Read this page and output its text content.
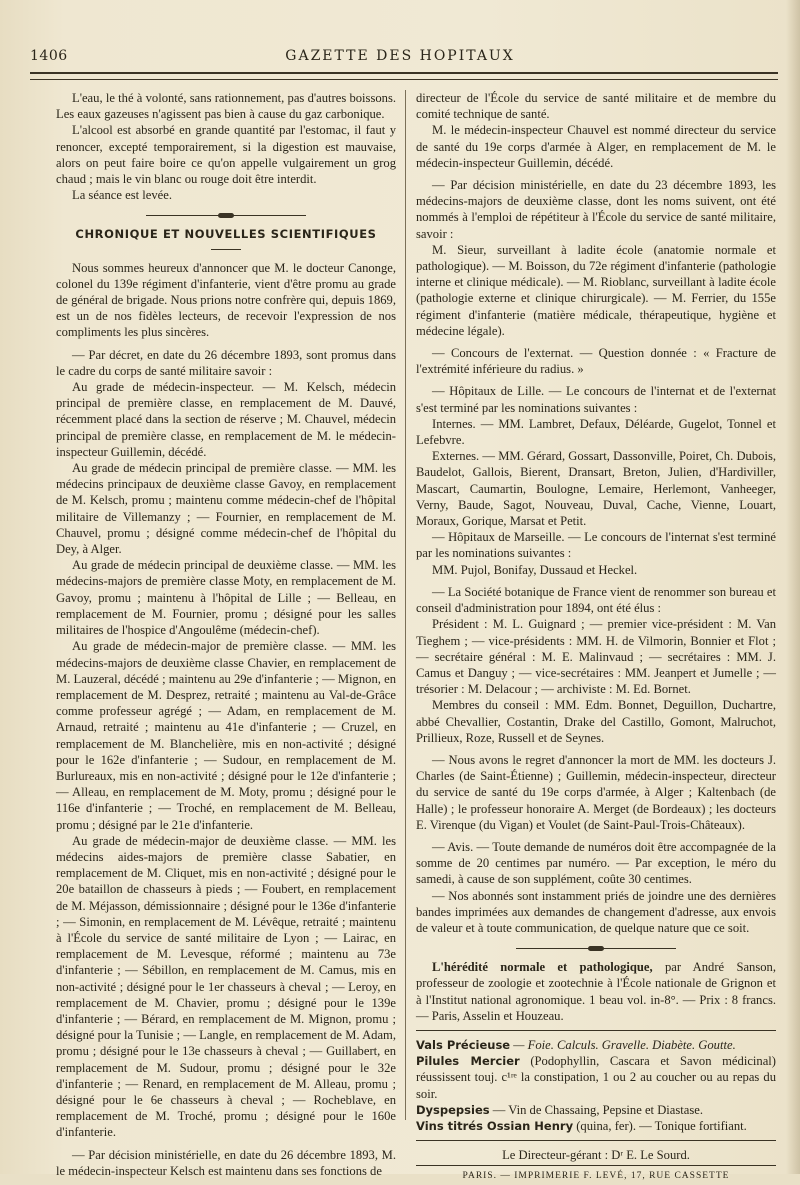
1406	GAZETTE DES HOPITAUX

L'eau, le thé à volonté, sans rationnement, pas d'autres boissons. Les eaux gazeuses n'agissent pas bien à cause du gaz carbonique.

L'alcool est absorbé en grande quantité par l'estomac, il faut y renoncer, excepté temporairement, si la digestion est mauvaise, alors on peut faire boire ce qu'on appelle vulgairement un grog chaud ; mais le vin blanc ou rouge doit être interdit.

La séance est levée.

CHRONIQUE ET NOUVELLES SCIENTIFIQUES

Nous sommes heureux d'annoncer que M. le docteur Canonge, colonel du 139e régiment d'infanterie, vient d'être promu au grade de général de brigade. Nous prions notre confrère qui, depuis 1869, est un de nos fidèles lecteurs, de recevoir l'expression de nos compliments les plus sincères.

— Par décret, en date du 26 décembre 1893, sont promus dans le cadre du corps de santé militaire savoir :

Au grade de médecin-inspecteur. — M. Kelsch, médecin principal de première classe, en remplacement de M. Dauvé, récemment placé dans la section de réserve ; M. Chauvel, médecin principal de première classe, en remplacement de M. le médecin-inspecteur Guillemin, décédé.

Au grade de médecin principal de première classe. — MM. les médecins principaux de deuxième classe Gavoy, en remplacement de M. Kelsch, promu ; maintenu comme médecin-chef de l'hôpital militaire de Villemanzy ; — Fournier, en remplacement de M. Chauvel, promu ; désigné comme médecin-chef de l'hôpital du Dey, à Alger.

Au grade de médecin principal de deuxième classe. — MM. les médecins-majors de première classe Moty, en remplacement de M. Gavoy, promu ; maintenu à l'hôpital de Lille ; — Belleau, en remplacement de M. Fournier, promu ; désigné pour les salles militaires de l'hospice d'Angoulême (médecin-chef).

Au grade de médecin-major de première classe. — MM. les médecins-majors de deuxième classe Chavier, en remplacement de M. Lauzeral, décédé ; maintenu au 29e d'infanterie ; — Mignon, en remplacement de M. Desprez, retraité ; maintenu au Val-de-Grâce comme professeur agrégé ; — Adam, en remplacement de M. Arnaud, retraité ; maintenu au 41e d'infanterie ; — Cruzel, en remplacement de M. Blanchelière, mis en non-activité ; désigné pour le 162e d'infanterie ; — Sudour, en remplacement de M. Burlureaux, mis en non-activité ; désigné pour le 12e d'infanterie ; — Alleau, en remplacement de M. Moty, promu ; désigné pour le 116e d'infanterie ; — Troché, en remplacement de M. Belleau, promu ; désigné par le 21e d'infanterie.

Au grade de médecin-major de deuxième classe. — MM. les médecins aides-majors de première classe Sabatier, en remplacement de M. Cliquet, mis en non-activité ; désigné pour le 20e bataillon de chasseurs à pieds ; — Foubert, en remplacement de M. Méjasson, démissionnaire ; désigné pour le 136e d'infanterie ; — Simonin, en remplacement de M. Lévêque, retraité ; maintenu à l'École du service de santé militaire de Lyon ; — Lairac, en remplacement de M. Levesque, réformé ; maintenu au 73e d'infanterie ; — Sébillon, en remplacement de M. Camus, mis en non-activité ; désigné pour le 1er chasseurs à cheval ; — Leroy, en remplacement de M. Chavier, promu ; désigné pour le 139e d'infanterie ; — Bérard, en remplacement de M. Mignon, promu ; désigné pour la Tunisie ; — Langle, en remplacement de M. Adam, promu ; désigné pour le 13e chasseurs à cheval ; — Guillabert, en remplacement de M. Sudour, promu ; désigné pour le 32e d'infanterie ; — Renard, en remplacement de M. Alleau, promu ; désigné pour le 6e chasseurs à cheval ; — Rocheblave, en remplacement de M. Troché, promu ; désigné pour le 160e d'infanterie.

— Par décision ministérielle, en date du 26 décembre 1893, M. le médecin-inspecteur Kelsch est maintenu dans ses fonctions de

directeur de l'École du service de santé militaire et de membre du comité technique de santé.

M. le médecin-inspecteur Chauvel est nommé directeur du service de santé du 19e corps d'armée à Alger, en remplacement de M. le médecin-inspecteur Guillemin, décédé.

— Par décision ministérielle, en date du 23 décembre 1893, les médecins-majors de deuxième classe, dont les noms suivent, ont été nommés à l'emploi de répétiteur à l'École du service de santé militaire, savoir :

M. Sieur, surveillant à ladite école (anatomie normale et pathologique). — M. Boisson, du 72e régiment d'infanterie (pathologie interne et clinique médicale). — M. Rioblanc, surveillant à ladite école (pathologie externe et clinique chirurgicale). — M. Ferrier, du 155e régiment d'infanterie (matière médicale, thérapeutique, hygiène et médecine légale).

— Concours de l'externat. — Question donnée : « Fracture de l'extrémité inférieure du radius. »

— Hôpitaux de Lille. — Le concours de l'internat et de l'externat s'est terminé par les nominations suivantes :

Internes. — MM. Lambret, Defaux, Déléarde, Gugelot, Tonnel et Lefebvre.

Externes. — MM. Gérard, Gossart, Dassonville, Poiret, Ch. Dubois, Baudelot, Gallois, Bierent, Dransart, Breton, Julien, d'Hardiviller, Mascart, Caumartin, Boulogne, Lemaire, Herlemont, Vanheeger, Verny, Baude, Sagot, Nouveau, Duval, Cache, Vienne, Louart, Moraux, Gorique, Marsat et Petit.

— Hôpitaux de Marseille. — Le concours de l'internat s'est terminé par les nominations suivantes :

MM. Pujol, Bonifay, Dussaud et Heckel.

— La Société botanique de France vient de renommer son bureau et conseil d'administration pour 1894, ont été élus :

Président : M. L. Guignard ; — premier vice-président : M. Van Tieghem ; — vice-présidents : MM. H. de Vilmorin, Bonnier et Flot ; — secrétaire général : M. E. Malinvaud ; — secrétaires : MM. J. Camus et Danguy ; — vice-secrétaires : MM. Jeanpert et Jumelle ; — trésorier : M. Delacour ; — archiviste : M. Ed. Bornet.

Membres du conseil : MM. Edm. Bonnet, Deguillon, Duchartre, abbé Chevallier, Costantin, Drake del Castillo, Gomont, Malruchot, Prillieux, Roze, Russell et de Seynes.

— Nous avons le regret d'annoncer la mort de MM. les docteurs J. Charles (de Saint-Étienne) ; Guillemin, médecin-inspecteur, directeur du service de santé du 19e corps d'armée, à Alger ; Kaltenbach (de Halle) ; le professeur honoraire A. Merget (de Bordeaux) ; les docteurs E. Virenque (du Vigan) et Voulet (de Saint-Paul-Trois-Châteaux).

— Avis. — Toute demande de numéros doit être accompagnée de la somme de 20 centimes par numéro. — Par exception, le méro du samedi, à cause de son supplément, coûte 30 centimes.

— Nos abonnés sont instamment priés de joindre une des dernières bandes imprimées aux demandes de changement d'adresse, aux envois de valeur et à toute communication, de quelque nature que ce soit.

L'hérédité normale et pathologique, par André Sanson, professeur de zoologie et zootechnie à l'École nationale de Grignon et à l'Institut national agronomique. 1 beau vol. in-8°. — Prix : 8 francs. — Paris, Asselin et Houzeau.

Vals Précieuse — Foie. Calculs. Gravelle. Diabète. Goutte.

Pilules Mercier (Podophyllin, Cascara et Savon médicinal) réussissent touj. c¹ʳᵉ la constipation, 1 ou 2 au coucher ou au repas du soir.

Dyspepsies — Vin de Chassaing, Pepsine et Diastase.

Vins titrés Ossian Henry (quina, fer). — Tonique fortifiant.

Le Directeur-gérant : Dʳ E. Le Sourd.

PARIS. — IMPRIMERIE F. LEVÉ, 17, RUE CASSETTE
